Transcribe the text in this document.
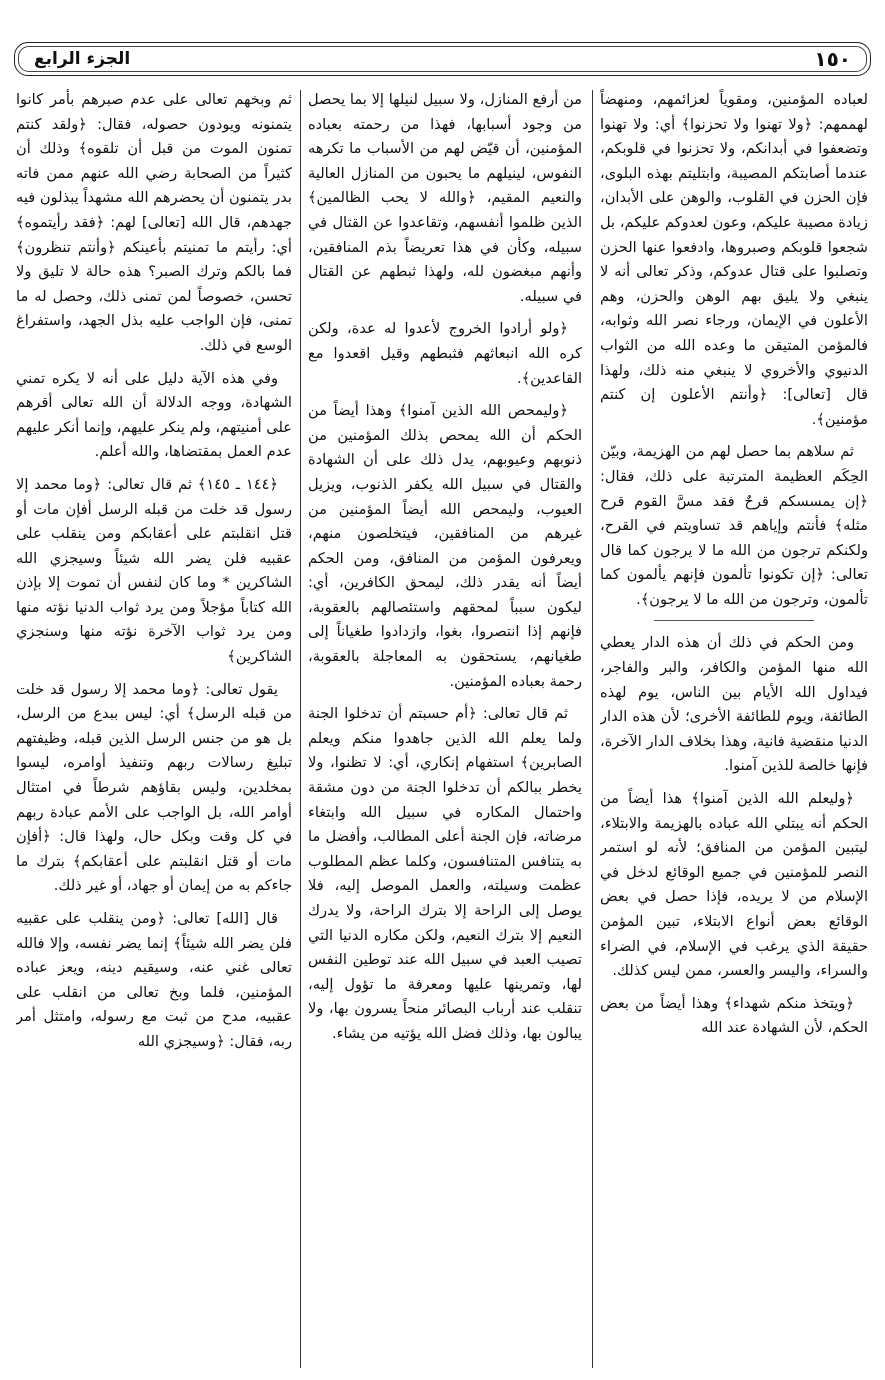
١٥٠
الجزء الرابع

لعباده المؤمنين، ومقوياً لعزائمهم، ومنهضاً لهممهم: ﴿ولا تهنوا ولا تحزنوا﴾ أي: ولا تهنوا وتضعفوا في أبدانكم، ولا تحزنوا في قلوبكم، عندما أصابتكم المصيبة، وابتليتم بهذه البلوى، فإن الحزن في القلوب، والوهن على الأبدان، زيادة مصيبة عليكم، وعون لعدوكم عليكم، بل شجعوا قلوبكم وصبروها، وادفعوا عنها الحزن وتصلبوا على قتال عدوكم، وذكر تعالى أنه لا ينبغي ولا يليق بهم الوهن والحزن، وهم الأعلون في الإيمان، ورجاء نصر الله وثوابه، فالمؤمن المتيقن ما وعده الله من الثواب الدنيوي والأخروي لا ينبغي منه ذلك، ولهذا قال [تعالى]: ﴿وأنتم الأعلون إن كنتم مؤمنين﴾.

ثم سلاهم بما حصل لهم من الهزيمة، وبيّن الحِكَم العظيمة المترتبة على ذلك، فقال: ﴿إن يمسسكم قرحٌ فقد مسَّ القوم قرح مثله﴾ فأنتم وإياهم قد تساويتم في القرح، ولكنكم ترجون من الله ما لا يرجون كما قال تعالى: ﴿إن تكونوا تألمون فإنهم يألمون كما تألمون، وترجون من الله ما لا يرجون﴾.

ومن الحكم في ذلك أن هذه الدار يعطي الله منها المؤمن والكافر، والبر والفاجر، فيداول الله الأيام بين الناس، يوم لهذه الطائفة، ويوم للطائفة الأخرى؛ لأن هذه الدار الدنيا منقضية فانية، وهذا بخلاف الدار الآخرة، فإنها خالصة للذين آمنوا.

﴿وليعلم الله الذين آمنوا﴾ هذا أيضاً من الحكم أنه يبتلي الله عباده بالهزيمة والابتلاء، ليتبين المؤمن من المنافق؛ لأنه لو استمر النصر للمؤمنين في جميع الوقائع لدخل في الإسلام من لا يريده، فإذا حصل في بعض الوقائع بعض أنواع الابتلاء، تبين المؤمن حقيقة الذي يرغب في الإسلام، في الضراء والسراء، واليسر والعسر، ممن ليس كذلك.

﴿ويتخذ منكم شهداء﴾ وهذا أيضاً من بعض الحكم، لأن الشهادة عند الله

من أرفع المنازل، ولا سبيل لنيلها إلا بما يحصل من وجود أسبابها، فهذا من رحمته بعباده المؤمنين، أن قيّض لهم من الأسباب ما تكرهه النفوس، لينيلهم ما يحبون من المنازل العالية والنعيم المقيم، ﴿والله لا يحب الظالمين﴾ الذين ظلموا أنفسهم، وتقاعدوا عن القتال في سبيله، وكأن في هذا تعريضاً بذم المنافقين، وأنهم مبغضون لله، ولهذا ثبطهم عن القتال في سبيله.

﴿ولو أرادوا الخروج لأعدوا له عدة، ولكن كره الله انبعاثهم فثبطهم وقيل اقعدوا مع القاعدين﴾.

﴿وليمحص الله الذين آمنوا﴾ وهذا أيضاً من الحكم أن الله يمحص بذلك المؤمنين من ذنوبهم وعيوبهم، يدل ذلك على أن الشهادة والقتال في سبيل الله يكفر الذنوب، ويزيل العيوب، وليمحص الله أيضاً المؤمنين من غيرهم من المنافقين، فيتخلصون منهم، ويعرفون المؤمن من المنافق، ومن الحكم أيضاً أنه يقدر ذلك، ليمحق الكافرين، أي: ليكون سبباً لمحقهم واستئصالهم بالعقوبة، فإنهم إذا انتصروا، بغوا، وازدادوا طغياناً إلى طغيانهم، يستحقون به المعاجلة بالعقوبة، رحمة بعباده المؤمنين.

ثم قال تعالى: ﴿أم حسبتم أن تدخلوا الجنة ولما يعلم الله الذين جاهدوا منكم ويعلم الصابرين﴾ استفهام إنكاري، أي: لا تظنوا، ولا يخطر ببالكم أن تدخلوا الجنة من دون مشقة واحتمال المكاره في سبيل الله وابتغاء مرضاته، فإن الجنة أعلى المطالب، وأفضل ما به يتنافس المتنافسون، وكلما عظم المطلوب عظمت وسيلته، والعمل الموصل إليه، فلا يوصل إلى الراحة إلا بترك الراحة، ولا يدرك النعيم إلا بترك النعيم، ولكن مكاره الدنيا التي تصيب العبد في سبيل الله عند توطين النفس لها، وتمرينها عليها ومعرفة ما تؤول إليه، تنقلب عند أرباب البصائر منحاً يسرون بها، ولا يبالون بها، وذلك فضل الله يؤتيه من يشاء.

ثم وبخهم تعالى على عدم صبرهم بأمر كانوا يتمنونه ويودون حصوله، فقال: ﴿ولقد كنتم تمنون الموت من قبل أن تلقوه﴾ وذلك أن كثيراً من الصحابة رضي الله عنهم ممن فاته بدر يتمنون أن يحضرهم الله مشهداً يبذلون فيه جهدهم، قال الله [تعالى] لهم: ﴿فقد رأيتموه﴾ أي: رأيتم ما تمنيتم بأعينكم ﴿وأنتم تنظرون﴾ فما بالكم وترك الصبر؟ هذه حالة لا تليق ولا تحسن، خصوصاً لمن تمنى ذلك، وحصل له ما تمنى، فإن الواجب عليه بذل الجهد، واستفراغ الوسع في ذلك.

وفي هذه الآية دليل على أنه لا يكره تمني الشهادة، ووجه الدلالة أن الله تعالى أقرهم على أمنيتهم، ولم ينكر عليهم، وإنما أنكر عليهم عدم العمل بمقتضاها، والله أعلم.

﴿١٤٤ ـ ١٤٥﴾ ثم قال تعالى: ﴿وما محمد إلا رسول قد خلت من قبله الرسل أفإن مات أو قتل انقلبتم على أعقابكم ومن ينقلب على عقبيه فلن يضر الله شيئاً وسيجزي الله الشاكرين * وما كان لنفس أن تموت إلا بإذن الله كتاباً مؤجلاً ومن يرد ثواب الدنيا نؤته منها ومن يرد ثواب الآخرة نؤته منها وسنجزي الشاكرين﴾

يقول تعالى: ﴿وما محمد إلا رسول قد خلت من قبله الرسل﴾ أي: ليس ببدع من الرسل، بل هو من جنس الرسل الذين قبله، وظيفتهم تبليغ رسالات ربهم وتنفيذ أوامره، ليسوا بمخلدين، وليس بقاؤهم شرطاً في امتثال أوامر الله، بل الواجب على الأمم عبادة ربهم في كل وقت وبكل حال، ولهذا قال: ﴿أفإن مات أو قتل انقلبتم على أعقابكم﴾ بترك ما جاءكم به من إيمان أو جهاد، أو غير ذلك.

قال [الله] تعالى: ﴿ومن ينقلب على عقبيه فلن يضر الله شيئاً﴾ إنما يضر نفسه، وإلا فالله تعالى غني عنه، وسيقيم دينه، ويعز عباده المؤمنين، فلما وبخ تعالى من انقلب على عقبيه، مدح من ثبت مع رسوله، وامتثل أمر ربه، فقال: ﴿وسيجزي الله
